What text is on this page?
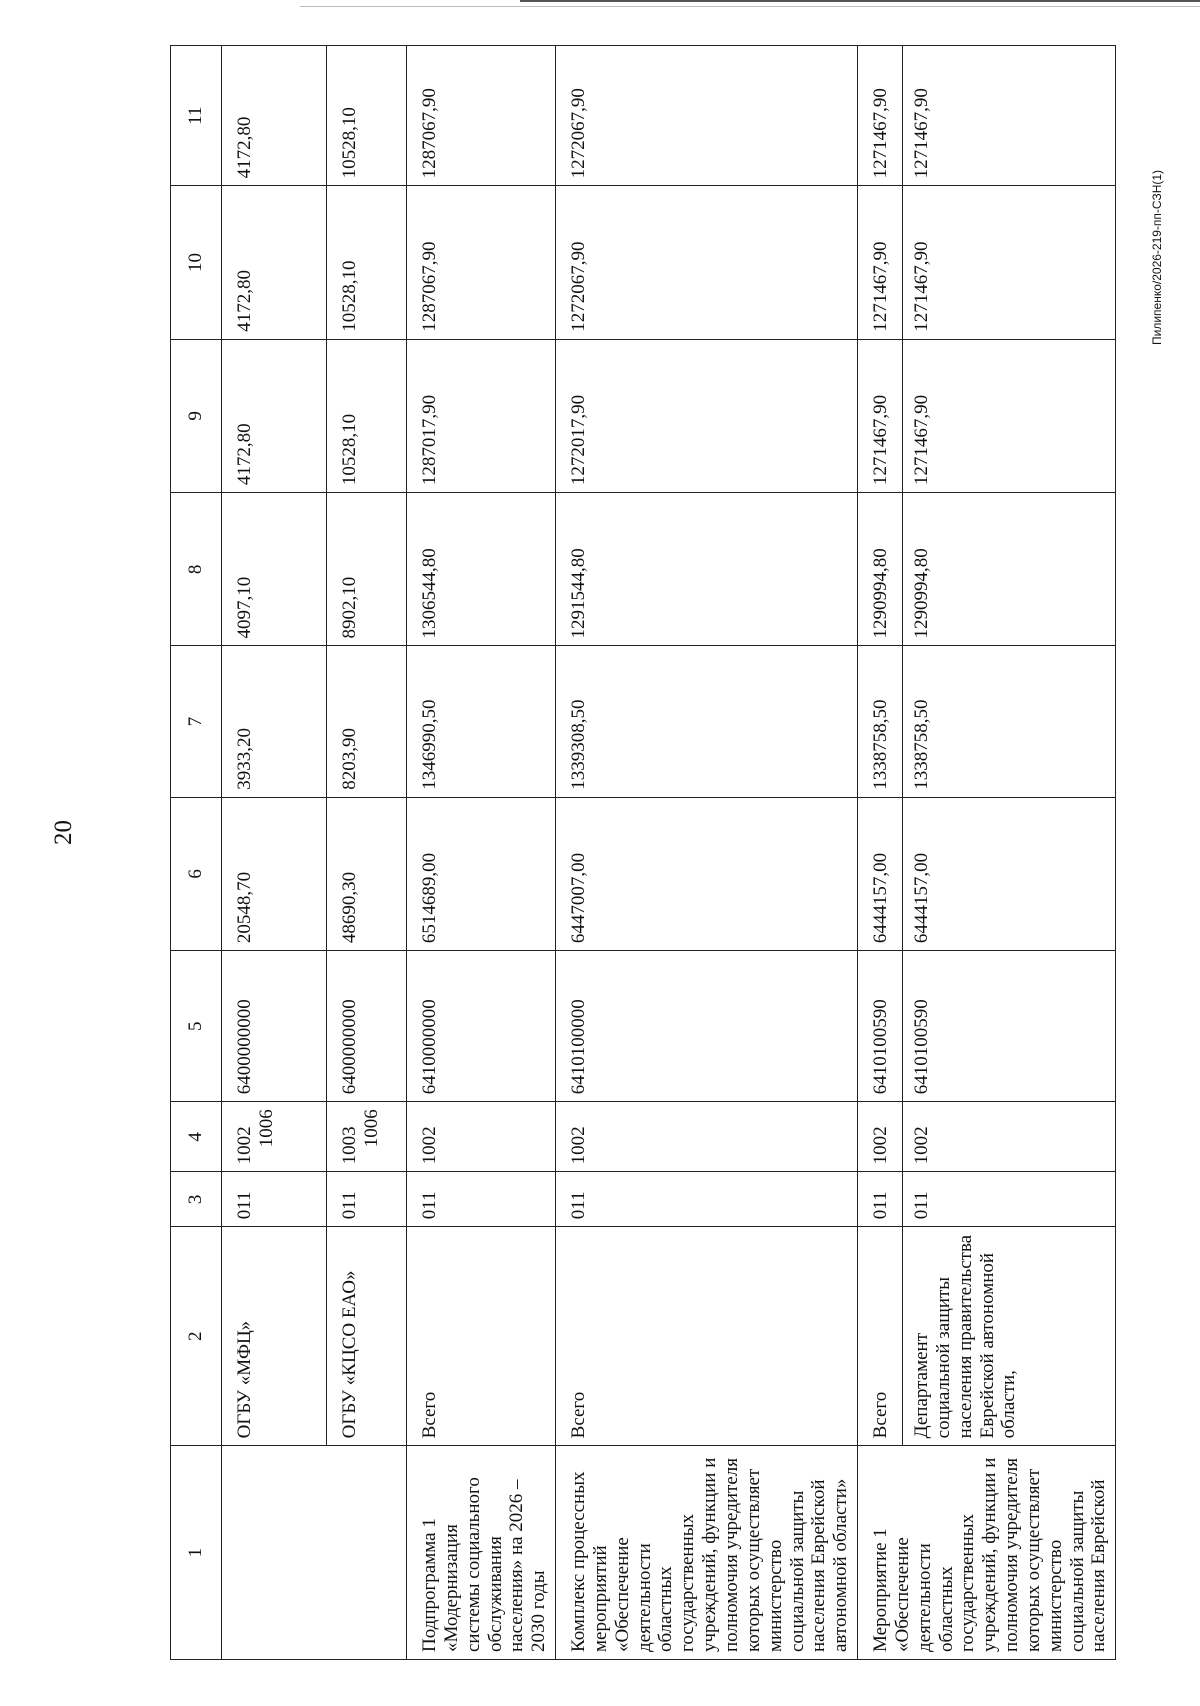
20
Пилипенко/2026-219-пп-СЗН(1)
1	2	3	4	5	6	7	8	9	10	11
	ОГБУ «МФЦ»	011	1002 1006	6400000000	20548,70	3933,20	4097,10	4172,80	4172,80	4172,80
	ОГБУ «КЦСО ЕАО»	011	1003 1006	6400000000	48690,30	8203,90	8902,10	10528,10	10528,10	10528,10
Подпрограмма 1 «Модернизация системы социального обслуживания населения» на 2026 – 2030 годы	Всего	011	1002	6410000000	6514689,00	1346990,50	1306544,80	1287017,90	1287067,90	1287067,90
Комплекс процессных мероприятий «Обеспечение деятельности областных государственных учреждений, функции и полномочия учредителя которых осуществляет министерство социальной защиты населения Еврейской автономной области»	Всего	011	1002	6410100000	6447007,00	1339308,50	1291544,80	1272017,90	1272067,90	1272067,90
Мероприятие 1 «Обеспечение деятельности областных государственных учреждений, функции и полномочия учредителя которых осуществляет министерство социальной защиты населения Еврейской	Всего	011	1002	6410100590	6444157,00	1338758,50	1290994,80	1271467,90	1271467,90	1271467,90
	Департамент социальной защиты населения правительства Еврейской автономной области,	011	1002	6410100590	6444157,00	1338758,50	1290994,80	1271467,90	1271467,90	1271467,90
